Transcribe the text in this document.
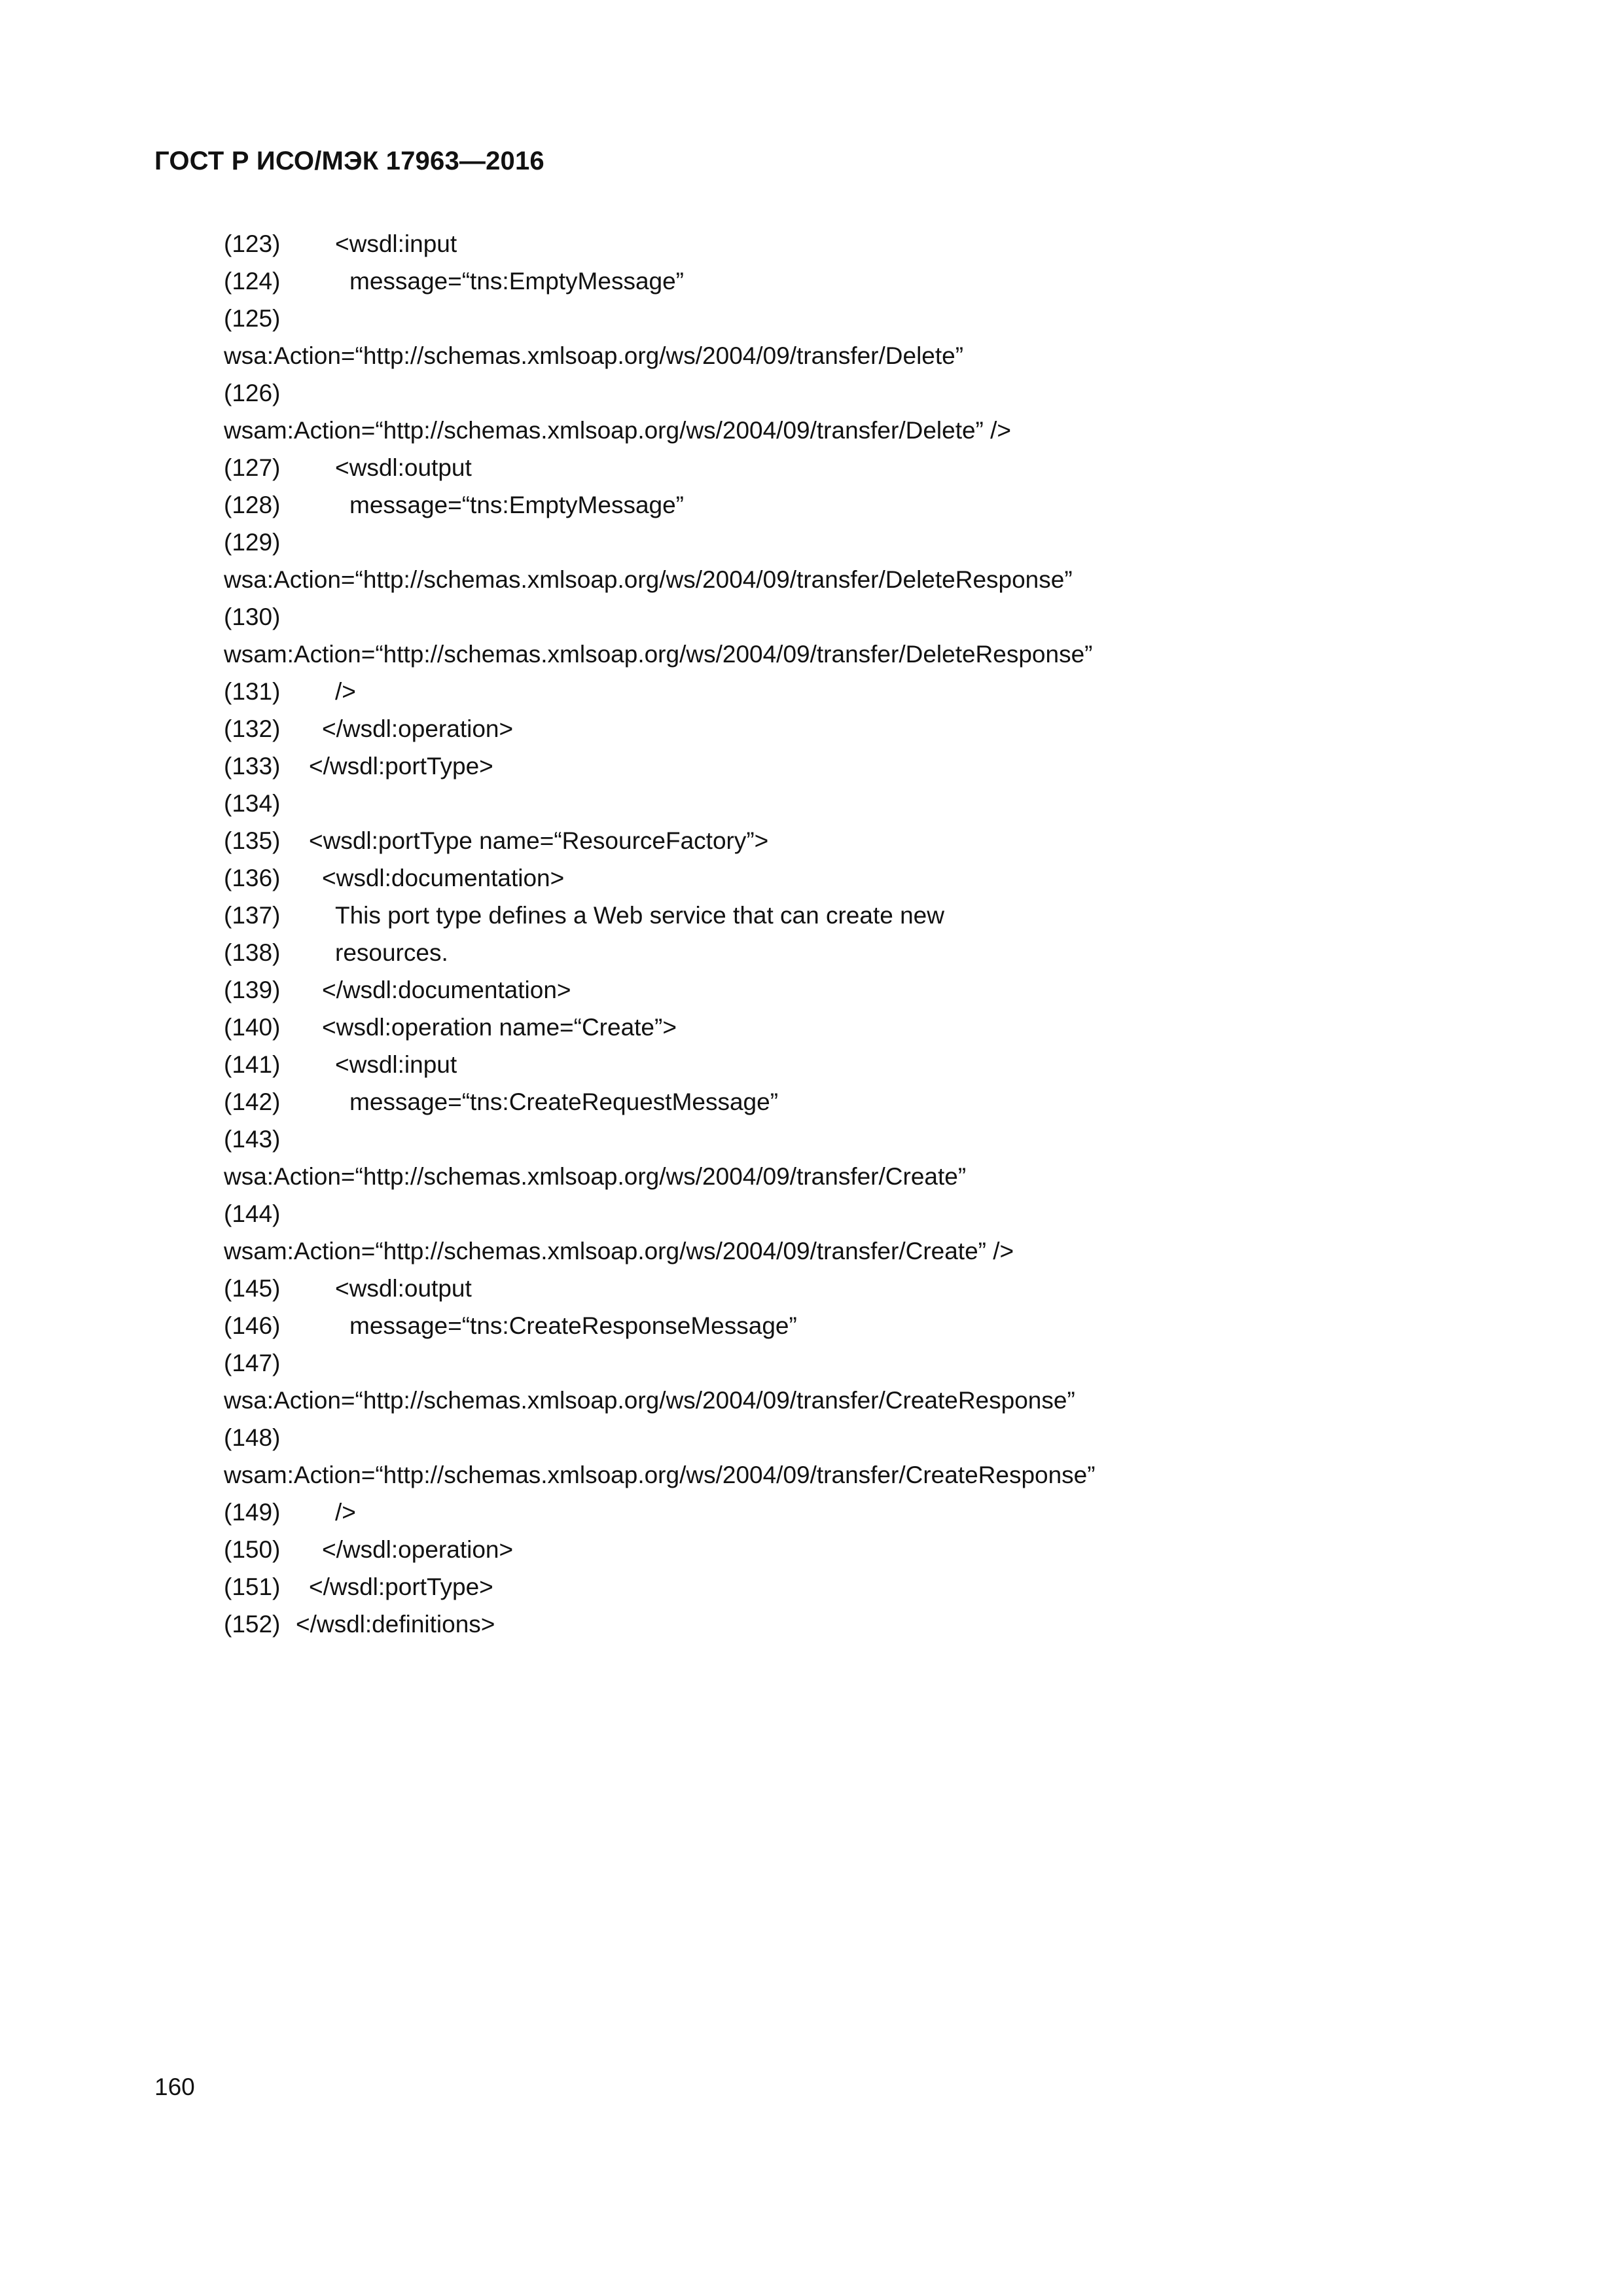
ГОСТ Р ИСО/МЭК 17963—2016
(123) <wsdl:input
(124)	message=“tns:EmptyMessage”
(125)
wsa:Action=“http://schemas.xmlsoap.org/ws/2004/09/transfer/Delete”
(126)
wsam:Action=“http://schemas.xmlsoap.org/ws/2004/09/transfer/Delete” />
(127) <wsdl:output
(128)	message=“tns:EmptyMessage”
(129)
wsa:Action=“http://schemas.xmlsoap.org/ws/2004/09/transfer/DeleteResponse”
(130)
wsam:Action=“http://schemas.xmlsoap.org/ws/2004/09/transfer/DeleteResponse”
(131) />
(132) </wsdl:operation>
(133) </wsdl:portType>
(134)
(135) <wsdl:portType name=“ResourceFactory”>
(136) <wsdl:documentation>
(137) This port type defines a Web service that can create new
(138) resources.
(139) </wsdl:documentation>
(140) <wsdl:operation name=“Create”>
(141) <wsdl:input
(142)	message=“tns:CreateRequestMessage”
(143)
wsa:Action=“http://schemas.xmlsoap.org/ws/2004/09/transfer/Create”
(144)
wsam:Action=“http://schemas.xmlsoap.org/ws/2004/09/transfer/Create” />
(145) <wsdl:output
(146)	message=“tns:CreateResponseMessage”
(147)
wsa:Action=“http://schemas.xmlsoap.org/ws/2004/09/transfer/CreateResponse”
(148)
wsam:Action=“http://schemas.xmlsoap.org/ws/2004/09/transfer/CreateResponse”
(149) />
(150) </wsdl:operation>
(151) </wsdl:portType>
(152) </wsdl:definitions>
160
